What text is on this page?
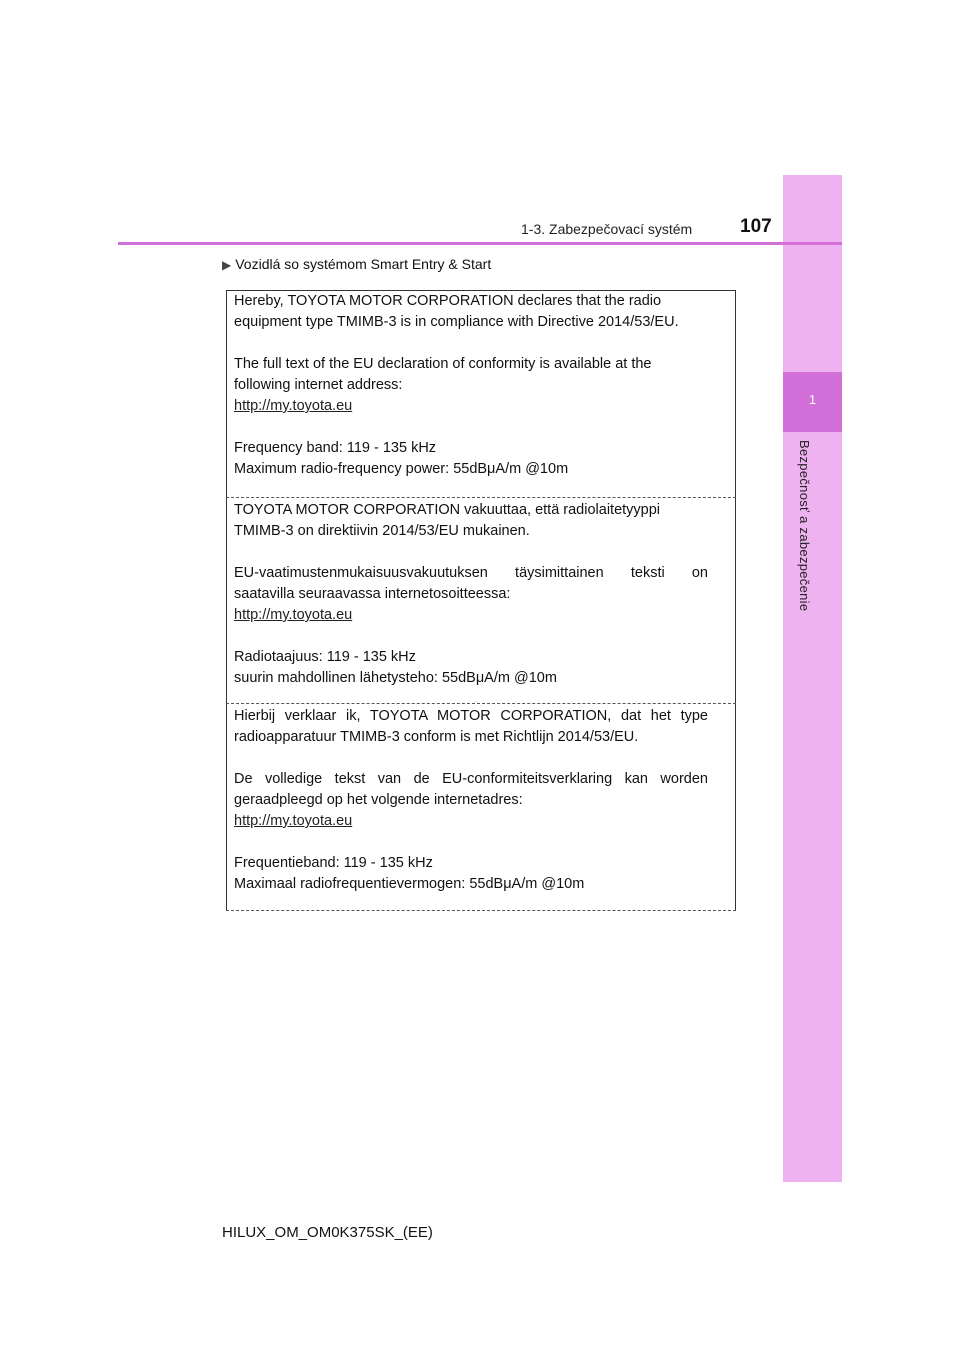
1
Bezpečnosť a zabezpečenie
1-3. Zabezpečovací systém	107
▶ Vozidlá so systémom Smart Entry & Start

Hereby, TOYOTA MOTOR CORPORATION declares that the radio
equipment type TMIMB-3 is in compliance with Directive 2014/53/EU.

The full text of the EU declaration of conformity is available at the
following internet address:
http://my.toyota.eu

Frequency band: 119 - 135 kHz
Maximum radio-frequency power: 55dBμA/m @10m

TOYOTA MOTOR CORPORATION vakuuttaa, että radiolaitetyyppi
TMIMB-3 on direktiivin 2014/53/EU mukainen.

EU-vaatimustenmukaisuusvakuutuksen täysimittainen teksti on
saatavilla seuraavassa internetosoitteessa:
http://my.toyota.eu

Radiotaajuus: 119 - 135 kHz
suurin mahdollinen lähetysteho: 55dBμA/m @10m

Hierbij verklaar ik, TOYOTA MOTOR CORPORATION, dat het type
radioapparatuur TMIMB-3 conform is met Richtlijn 2014/53/EU.

De volledige tekst van de EU-conformiteitsverklaring kan worden
geraadpleegd op het volgende internetadres:
http://my.toyota.eu

Frequentieband: 119 - 135 kHz
Maximaal radiofrequentievermogen: 55dBμA/m @10m

HILUX_OM_OM0K375SK_(EE)
